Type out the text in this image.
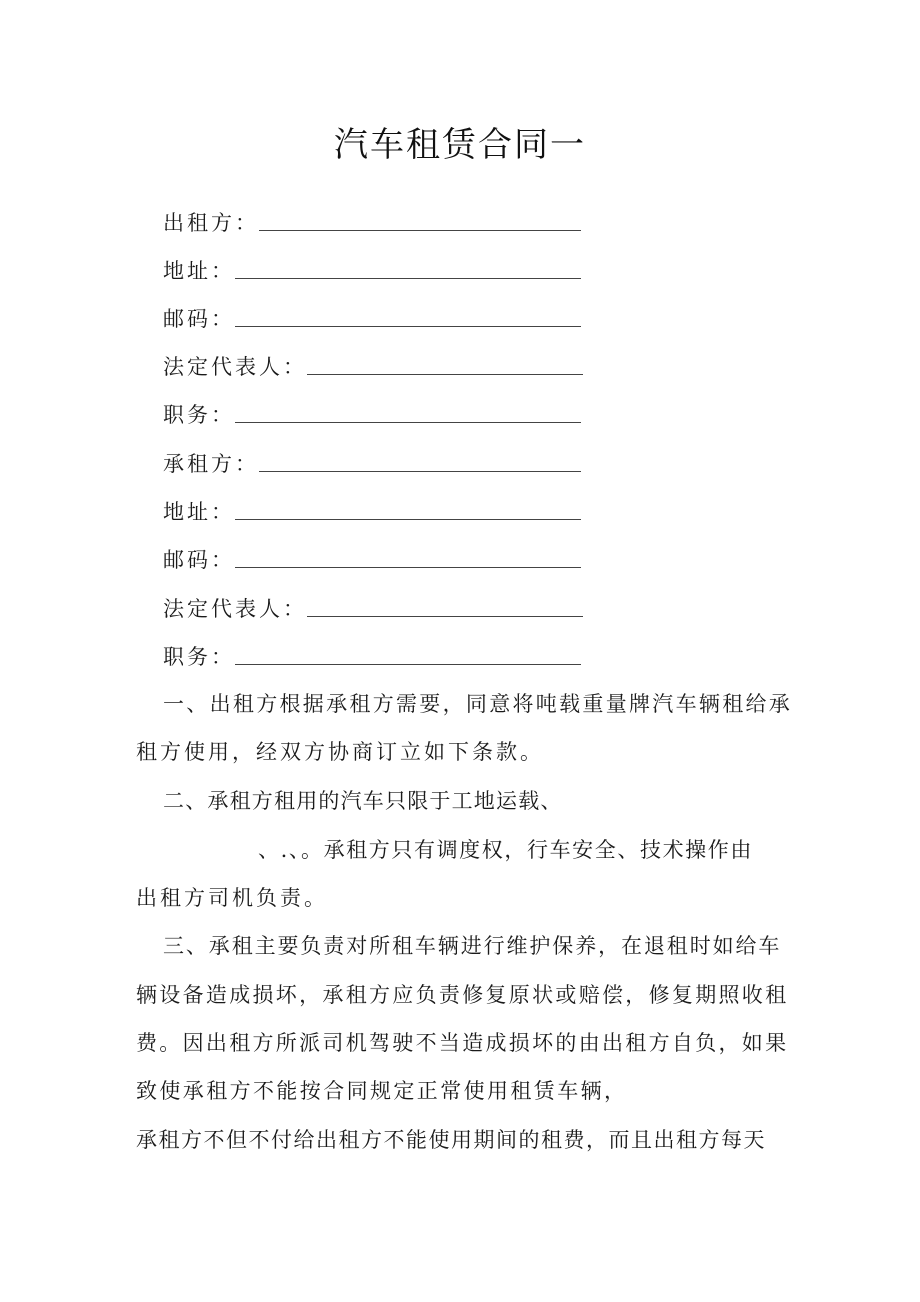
汽车租赁合同一
出租方：
地址：
邮码：
法定代表人：
职务：
承租方：
地址：
邮码：
法定代表人：
职务：
一、出租方根据承租方需要，同意将吨载重量牌汽车辆租给承
租方使用，经双方协商订立如下条款。
二、承租方租用的汽车只限于工地运载、
、.、。承租方只有调度权，行车安全、技术操作由
出租方司机负责。
三、承租主要负责对所租车辆进行维护保养，在退租时如给车
辆设备造成损坏，承租方应负责修复原状或赔偿，修复期照收租
费。因出租方所派司机驾驶不当造成损坏的由出租方自负，如果
致使承租方不能按合同规定正常使用租赁车辆，
承租方不但不付给出租方不能使用期间的租费，而且出租方每天
